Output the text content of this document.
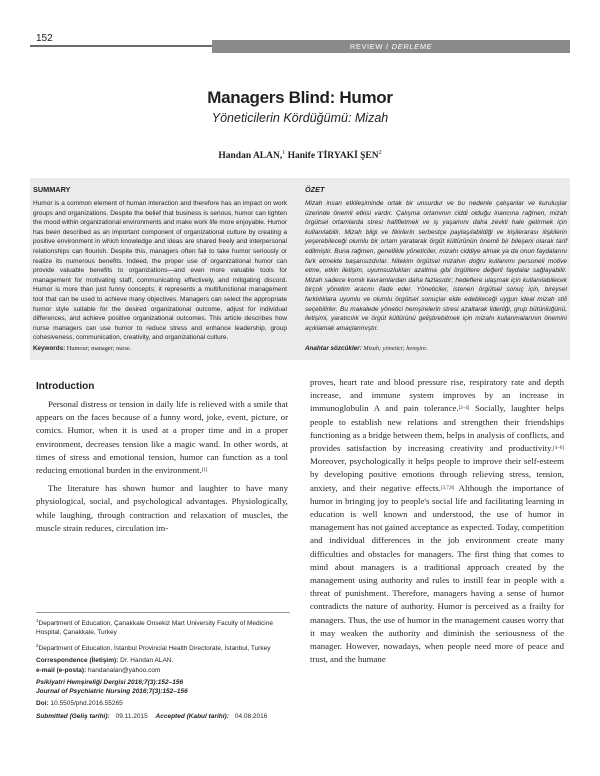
152
REVIEW / DERLEME
Managers Blind: Humor
Yöneticilerin Kördüğümü: Mizah
Handan ALAN,$^1$ Hanife TİRYAKİ ŞEN$^2$
SUMMARY
Humor is a common element of human interaction and therefore has an impact on work groups and organizations. Despite the belief that business is serious, humor can lighten the mood within organizational environments and make work life more enjoyable. Humor has been described as an important component of organizational culture by creating a positive environment in which knowledge and ideas are shared freely and interpersonal relationships can flourish. Despite this, managers often fail to take humor seriously or realize its numerous benefits. Indeed, the proper use of organizational humor can provide valuable benefits to organizations—and even more valuable tools for management for motivating staff, communicating effectively, and mitigating discord. Humor is more than just funny concepts; it represents a multifunctional management tool that can be used to achieve many objectives. Managers can select the appropriate humor style suitable for the desired organizational outcome, adjust for individual differences, and achieve positive organizational outcomes. This article describes how nurse managers can use humor to reduce stress and enhance leadership, group cohesiveness, communication, creativity, and organizational culture.
Keywords: Humour; manager; nurse.
ÖZET
Mizah insan etkileşiminde ortak bir unsurdur ve bu nedenle çalışanlar ve kuruluşlar üzerinde önemli etkisi vardır. Çalışma ortamının ciddi olduğu inancına rağmen, mizah örgütsel ortamlarda stresi hafifletmek ve iş yaşamını daha zevkli hale getirmek için kullanılabilir. Mizah bilgi ve fikirlerin serbestçe paylaşılabildiği ve kişilerarası ilişkilerin yeşerebileceği olumlu bir ortam yaratarak örgüt kültürünün önemli bir bileşeni olarak tarif edilmiştir. Buna rağmen, genellikle yöneticiler, mizahı ciddiye almak ya da onun faydalarını fark etmekte başarısızdırlar. Nitekim örgütsel mizahın doğru kullanımı personeli motive etme, etkin iletişim, uyumsuzlukları azaltma gibi örgütlere değerli faydalar sağlayabilir. Mizah sadece komik kavramlardan daha fazlasıdır; hedeflere ulaşmak için kullanılabilecek birçok yönetim aracını ifade eder. Yöneticiler, istenen örgütsel sonuç için, bireysel farklılıklara uyumlu ve olumlu örgütsel sonuçlar elde edebileceği uygun ideal mizah stili seçebilirler. Bu makalede yönetici hemşirelerin stresi azaltarak liderliği, grup bütünlüğünü, iletişimi, yaratıcılık ve örgüt kültürünü geliştirebilmek için mizahı kullanmalarının önemini açıklamak amaçlanmıştır.
Anahtar sözcükler: Mizah; yönetici; hemşire.
Introduction

Personal distress or tension in daily life is relieved with a smile that appears on the faces because of a funny word, joke, event, picture, or comics. Humor, when it is used at a proper time and in a proper environment, decreases tension like a magic wand. In other words, at times of stress and emotional tension, humor can function as a tool reducing emotional burden in the environment.[1]

The literature has shown humor and laughter to have many physiological, social, and psychological advantages. Physiologically, while laughing, through contraction and relaxation of muscles, the muscle strain reduces, circulation im-

proves, heart rate and blood pressure rise, respiratory rate and depth increase, and immune system improves by an increase in immunoglobulin A and pain tolerance.[2–4] Socially, laughter helps people to establish new relations and strengthen their friendships functioning as a bridge between them, helps in analysis of conflicts, and provides satisfaction by increasing creativity and productivity.[4–6] Moreover, psychologically it helps people to improve their self-esteem by developing positive emotions through relieving stress, tension, anxiety, and their negative effects.[3,7,8] Although the importance of humor in bringing joy to people's social life and facilitating learning in education is well known and understood, the use of humor in management has not gained acceptance as expected. Today, competition and individual differences in the job environment create many difficulties and obstacles for managers. The first thing that comes to mind about managers is a traditional approach created by the management using authority and rules to instill fear in people with a threat of punishment. Therefore, managers having a sense of humor contradicts the nature of authority. Humor is perceived as a frailty for managers. Thus, the use of humor in the management causes worry that it may weaken the authority and diminish the seriousness of the manager. However, nowadays, when people need more of peace and trust, and the humane

$^1$Department of Education, Çanakkale Onsekiz Mart University Faculty of Medicine Hospital, Çanakkale, Turkey
$^2$Department of Education, İstanbul Provincial Health Directorate, İstanbul, Turkey
Correspondence (İletişim): Dr. Handan ALAN.
e-mail (e-posta): handanalan@yahoo.com
Psikiyatri Hemşireliği Dergisi 2016;7(3):152–156
Journal of Psychiatric Nursing 2016;7(3):152–156
Doi: 10.5505/phd.2016.55265
Submitted (Geliş tarihi): 09.11.2015 Accepted (Kabul tarihi): 04.08.2016
